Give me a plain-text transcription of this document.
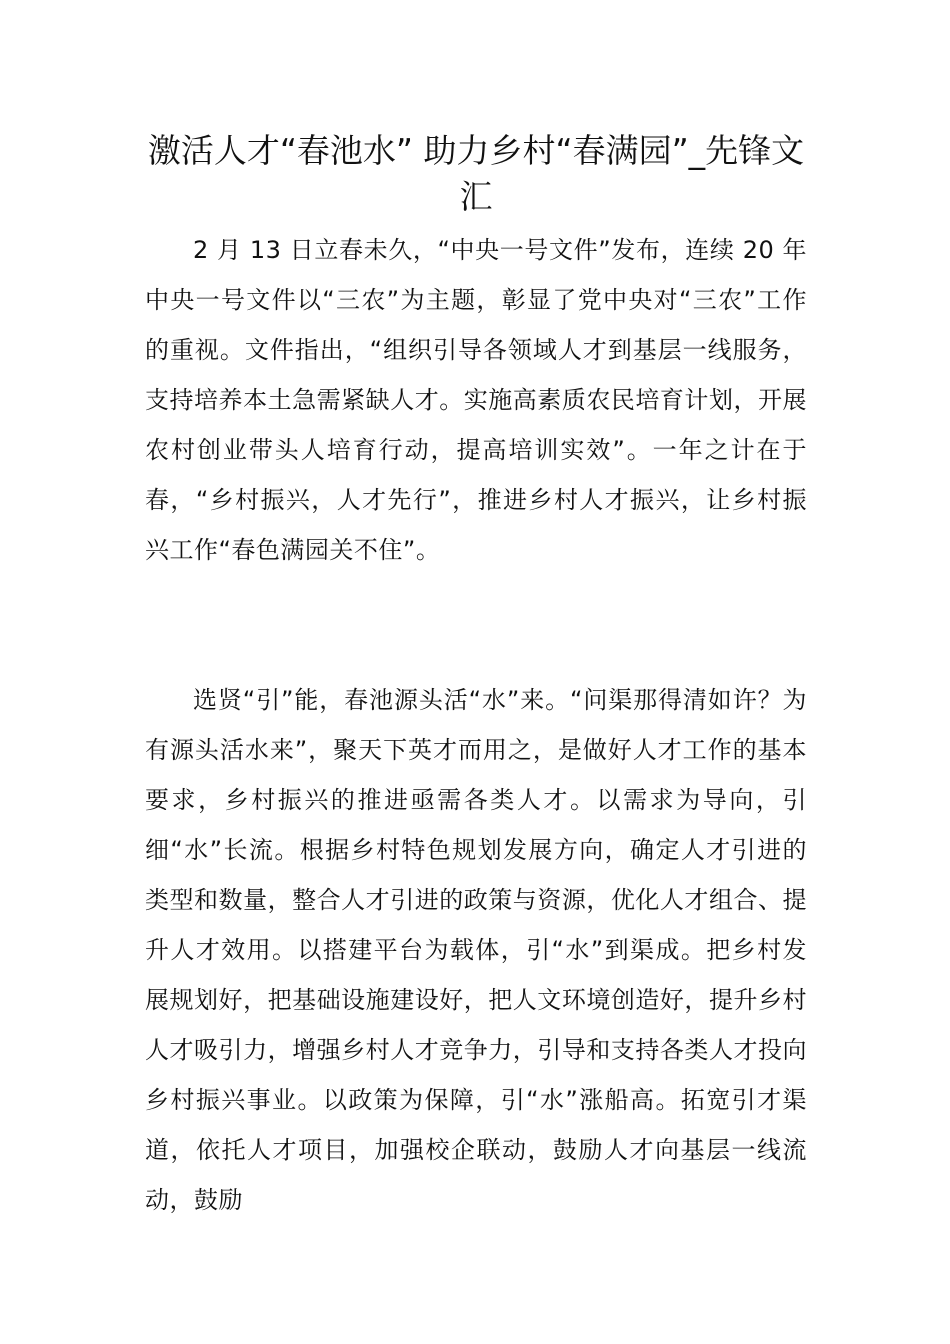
激活人才“春池水” 助力乡村“春满园”_先锋文汇

2 月 13 日立春未久，“中央一号文件”发布，连续 20 年中央一号文件以“三农”为主题，彰显了党中央对“三农”工作的重视。文件指出，“组织引导各领域人才到基层一线服务，支持培养本土急需紧缺人才。实施高素质农民培育计划，开展农村创业带头人培育行动，提高培训实效”。一年之计在于春，“乡村振兴，人才先行”，推进乡村人才振兴，让乡村振兴工作“春色满园关不住”。

选贤“引”能，春池源头活“水”来。“问渠那得清如许？为有源头活水来”，聚天下英才而用之，是做好人才工作的基本要求，乡村振兴的推进亟需各类人才。以需求为导向，引细“水”长流。根据乡村特色规划发展方向，确定人才引进的类型和数量，整合人才引进的政策与资源，优化人才组合、提升人才效用。以搭建平台为载体，引“水”到渠成。把乡村发展规划好，把基础设施建设好，把人文环境创造好，提升乡村人才吸引力，增强乡村人才竞争力，引导和支持各类人才投向乡村振兴事业。以政策为保障，引“水”涨船高。拓宽引才渠道，依托人才项目，加强校企联动，鼓励人才向基层一线流动，鼓励
